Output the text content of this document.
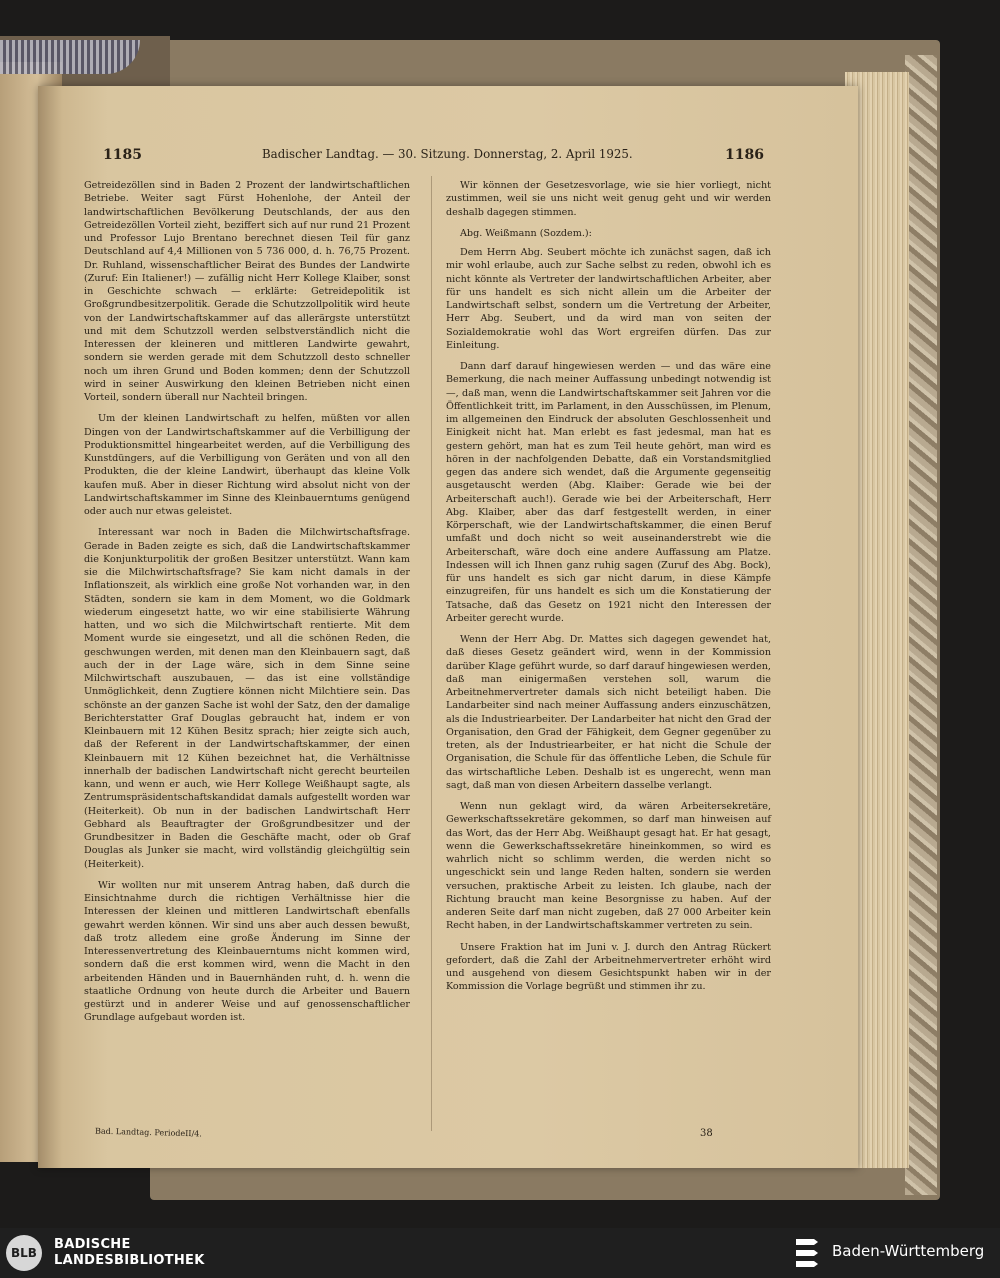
1185	Badischer Landtag. — 30. Sitzung. Donnerstag, 2. April 1925.	1186

Getreidezöllen sind in Baden 2 Prozent der landwirtschaftlichen Betriebe. Weiter sagt Fürst Hohenlohe, der Anteil der landwirtschaftlichen Bevölkerung Deutschlands, der aus den Getreidezöllen Vorteil zieht, beziffert sich auf nur rund 21 Prozent und Professor Lujo Brentano berechnet diesen Teil für ganz Deutschland auf 4,4 Millionen von 5 736 000, d. h. 76,75 Prozent. Dr. Ruhland, wissenschaftlicher Beirat des Bundes der Landwirte (Zuruf: Ein Italiener!) — zufällig nicht Herr Kollege Klaiber, sonst in Geschichte schwach — erklärte: Getreidepolitik ist Großgrundbesitzerpolitik. Gerade die Schutzzollpolitik wird heute von der Landwirtschaftskammer auf das allerärgste unterstützt und mit dem Schutzzoll werden selbstverständlich nicht die Interessen der kleineren und mittleren Landwirte gewahrt, sondern sie werden gerade mit dem Schutzzoll desto schneller noch um ihren Grund und Boden kommen; denn der Schutzzoll wird in seiner Auswirkung den kleinen Betrieben nicht einen Vorteil, sondern überall nur Nachteil bringen.

Um der kleinen Landwirtschaft zu helfen, müßten vor allen Dingen von der Landwirtschaftskammer auf die Verbilligung der Produktionsmittel hingearbeitet werden, auf die Verbilligung des Kunstdüngers, auf die Verbilligung von Geräten und von all den Produkten, die der kleine Landwirt, überhaupt das kleine Volk kaufen muß. Aber in dieser Richtung wird absolut nicht von der Landwirtschaftskammer im Sinne des Kleinbauerntums genügend oder auch nur etwas geleistet.

Interessant war noch in Baden die Milchwirtschaftsfrage. Gerade in Baden zeigte es sich, daß die Landwirtschaftskammer die Konjunkturpolitik der großen Besitzer unterstützt. Wann kam sie die Milchwirtschaftsfrage? Sie kam nicht damals in der Inflationszeit, als wirklich eine große Not vorhanden war, in den Städten, sondern sie kam in dem Moment, wo die Goldmark wiederum eingesetzt hatte, wo wir eine stabilisierte Währung hatten, und wo sich die Milchwirtschaft rentierte. Mit dem Moment wurde sie eingesetzt, und all die schönen Reden, die geschwungen werden, mit denen man den Kleinbauern sagt, daß auch der in der Lage wäre, sich in dem Sinne seine Milchwirtschaft auszubauen, — das ist eine vollständige Unmöglichkeit, denn Zugtiere können nicht Milchtiere sein. Das schönste an der ganzen Sache ist wohl der Satz, den der damalige Berichterstatter Graf Douglas gebraucht hat, indem er von Kleinbauern mit 12 Kühen Besitz sprach; hier zeigte sich auch, daß der Referent in der Landwirtschaftskammer, der einen Kleinbauern mit 12 Kühen bezeichnet hat, die Verhältnisse innerhalb der badischen Landwirtschaft nicht gerecht beurteilen kann, und wenn er auch, wie Herr Kollege Weißhaupt sagte, als Zentrumspräsidentschaftskandidat damals aufgestellt worden war (Heiterkeit). Ob nun in der badischen Landwirtschaft Herr Gebhard als Beauftragter der Großgrundbesitzer und der Grundbesitzer in Baden die Geschäfte macht, oder ob Graf Douglas als Junker sie macht, wird vollständig gleichgültig sein (Heiterkeit).

Wir wollten nur mit unserem Antrag haben, daß durch die Einsichtnahme durch die richtigen Verhältnisse hier die Interessen der kleinen und mittleren Landwirtschaft ebenfalls gewahrt werden können. Wir sind uns aber auch dessen bewußt, daß trotz alledem eine große Änderung im Sinne der Interessenvertretung des Kleinbauerntums nicht kommen wird, sondern daß die erst kommen wird, wenn die Macht in den arbeitenden Händen und in Bauernhänden ruht, d. h. wenn die staatliche Ordnung von heute durch die Arbeiter und Bauern gestürzt und in anderer Weise und auf genossenschaftlicher Grundlage aufgebaut worden ist.

Wir können der Gesetzesvorlage, wie sie hier vorliegt, nicht zustimmen, weil sie uns nicht weit genug geht und wir werden deshalb dagegen stimmen.

Abg. Weißmann (Sozdem.):

Dem Herrn Abg. Seubert möchte ich zunächst sagen, daß ich mir wohl erlaube, auch zur Sache selbst zu reden, obwohl ich es nicht könnte als Vertreter der landwirtschaftlichen Arbeiter, aber für uns handelt es sich nicht allein um die Arbeiter der Landwirtschaft selbst, sondern um die Vertretung der Arbeiter, Herr Abg. Seubert, und da wird man von seiten der Sozialdemokratie wohl das Wort ergreifen dürfen. Das zur Einleitung.

Dann darf darauf hingewiesen werden — und das wäre eine Bemerkung, die nach meiner Auffassung unbedingt notwendig ist —, daß man, wenn die Landwirtschaftskammer seit Jahren vor die Öffentlichkeit tritt, im Parlament, in den Ausschüssen, im Plenum, im allgemeinen den Eindruck der absoluten Geschlossenheit und Einigkeit nicht hat. Man erlebt es fast jedesmal, man hat es gestern gehört, man hat es zum Teil heute gehört, man wird es hören in der nachfolgenden Debatte, daß ein Vorstandsmitglied gegen das andere sich wendet, daß die Argumente gegenseitig ausgetauscht werden (Abg. Klaiber: Gerade wie bei der Arbeiterschaft auch!). Gerade wie bei der Arbeiterschaft, Herr Abg. Klaiber, aber das darf festgestellt werden, in einer Körperschaft, wie der Landwirtschaftskammer, die einen Beruf umfaßt und doch nicht so weit auseinanderstrebt wie die Arbeiterschaft, wäre doch eine andere Auffassung am Platze. Indessen will ich Ihnen ganz ruhig sagen (Zuruf des Abg. Bock), für uns handelt es sich gar nicht darum, in diese Kämpfe einzugreifen, für uns handelt es sich um die Konstatierung der Tatsache, daß das Gesetz on 1921 nicht den Interessen der Arbeiter gerecht wurde.

Wenn der Herr Abg. Dr. Mattes sich dagegen gewendet hat, daß dieses Gesetz geändert wird, wenn in der Kommission darüber Klage geführt wurde, so darf darauf hingewiesen werden, daß man einigermaßen verstehen soll, warum die Arbeitnehmervertreter damals sich nicht beteiligt haben. Die Landarbeiter sind nach meiner Auffassung anders einzuschätzen, als die Industriearbeiter. Der Landarbeiter hat nicht den Grad der Organisation, den Grad der Fähigkeit, dem Gegner gegenüber zu treten, als der Industriearbeiter, er hat nicht die Schule der Organisation, die Schule für das öffentliche Leben, die Schule für das wirtschaftliche Leben. Deshalb ist es ungerecht, wenn man sagt, daß man von diesen Arbeitern dasselbe verlangt.

Wenn nun geklagt wird, da wären Arbeitersekretäre, Gewerkschaftssekretäre gekommen, so darf man hinweisen auf das Wort, das der Herr Abg. Weißhaupt gesagt hat. Er hat gesagt, wenn die Gewerkschaftssekretäre hineinkommen, so wird es wahrlich nicht so schlimm werden, die werden nicht so ungeschickt sein und lange Reden halten, sondern sie werden versuchen, praktische Arbeit zu leisten. Ich glaube, nach der Richtung braucht man keine Besorgnisse zu haben. Auf der anderen Seite darf man nicht zugeben, daß 27 000 Arbeiter kein Recht haben, in der Landwirtschaftskammer vertreten zu sein.

Unsere Fraktion hat im Juni v. J. durch den Antrag Rückert gefordert, daß die Zahl der Arbeitnehmervertreter erhöht wird und ausgehend von diesem Gesichtspunkt haben wir in der Kommission die Vorlage begrüßt und stimmen ihr zu.

Bad. Landtag. PeriodeII/4.	38
BLB
BADISCHE
LANDESBIBLIOTHEK
Baden-Württemberg
